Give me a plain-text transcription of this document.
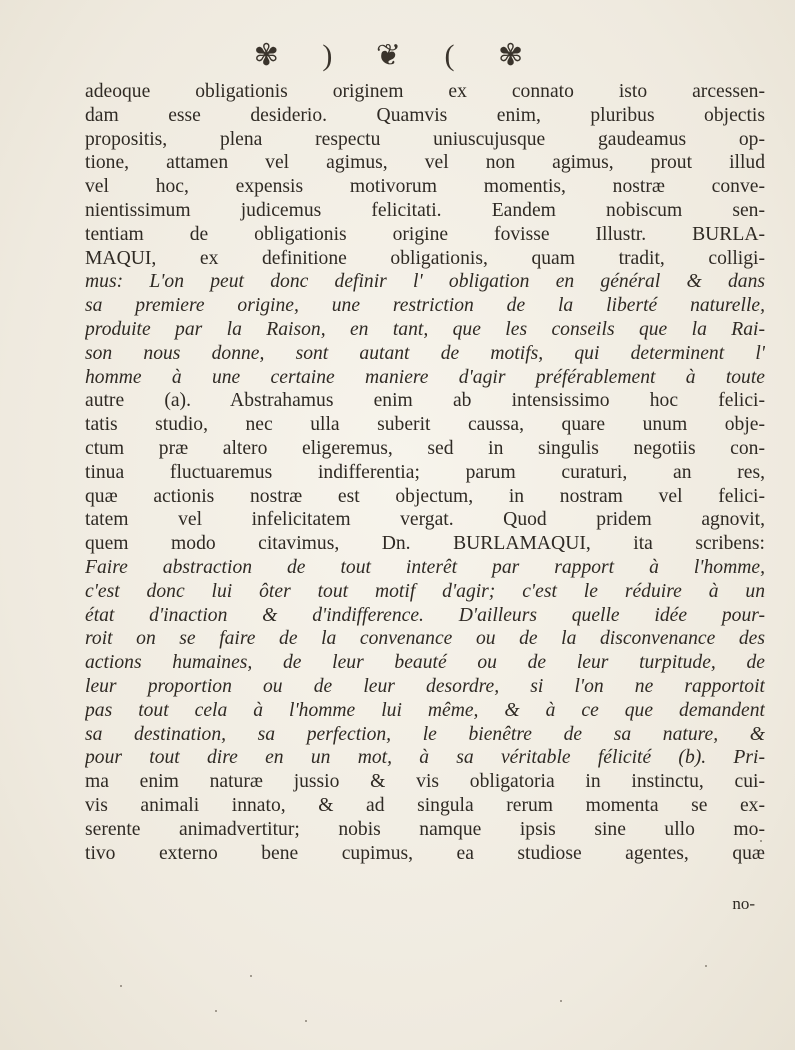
✾ ) ❦ ( ✾
adeoque obligationis originem ex connato isto arcessen-
dam esse desiderio. Quamvis enim, pluribus objectis
propositis, plena respectu uniuscujusque gaudeamus op-
tione, attamen vel agimus, vel non agimus, prout illud
vel hoc, expensis motivorum momentis, nostræ conve-
nientissimum judicemus felicitati. Eandem nobiscum sen-
tentiam de obligationis origine fovisse Illustr. BURLA-
MAQUI, ex definitione obligationis, quam tradit, colligi-
mus: L'on peut donc definir l' obligation en général & dans
sa premiere origine, une restriction de la liberté naturelle,
produite par la Raison, en tant, que les conseils que la Rai-
son nous donne, sont autant de motifs, qui determinent l'
homme à une certaine maniere d'agir préférablement à toute
autre (a). Abstrahamus enim ab intensissimo hoc felici-
tatis studio, nec ulla suberit caussa, quare unum obje-
ctum præ altero eligeremus, sed in singulis negotiis con-
tinua fluctuaremus indifferentia; parum curaturi, an res,
quæ actionis nostræ est objectum, in nostram vel felici-
tatem vel infelicitatem vergat. Quod pridem agnovit,
quem modo citavimus, Dn. BURLAMAQUI, ita scribens:
Faire abstraction de tout interêt par rapport à l'homme,
c'est donc lui ôter tout motif d'agir; c'est le réduire à un
état d'inaction & d'indifference. D'ailleurs quelle idée pour-
roit on se faire de la convenance ou de la disconvenance des
actions humaines, de leur beauté ou de leur turpitude, de
leur proportion ou de leur desordre, si l'on ne rapportoit
pas tout cela à l'homme lui même, & à ce que demandent
sa destination, sa perfection, le bienêtre de sa nature, &
pour tout dire en un mot, à sa véritable félicité (b). Pri-
ma enim naturæ jussio & vis obligatoria in instinctu, cui-
vis animali innato, & ad singula rerum momenta se ex-
serente animadvertitur; nobis namque ipsis sine ullo mo-
tivo externo bene cupimus, ea studiose agentes, quæ
no-
